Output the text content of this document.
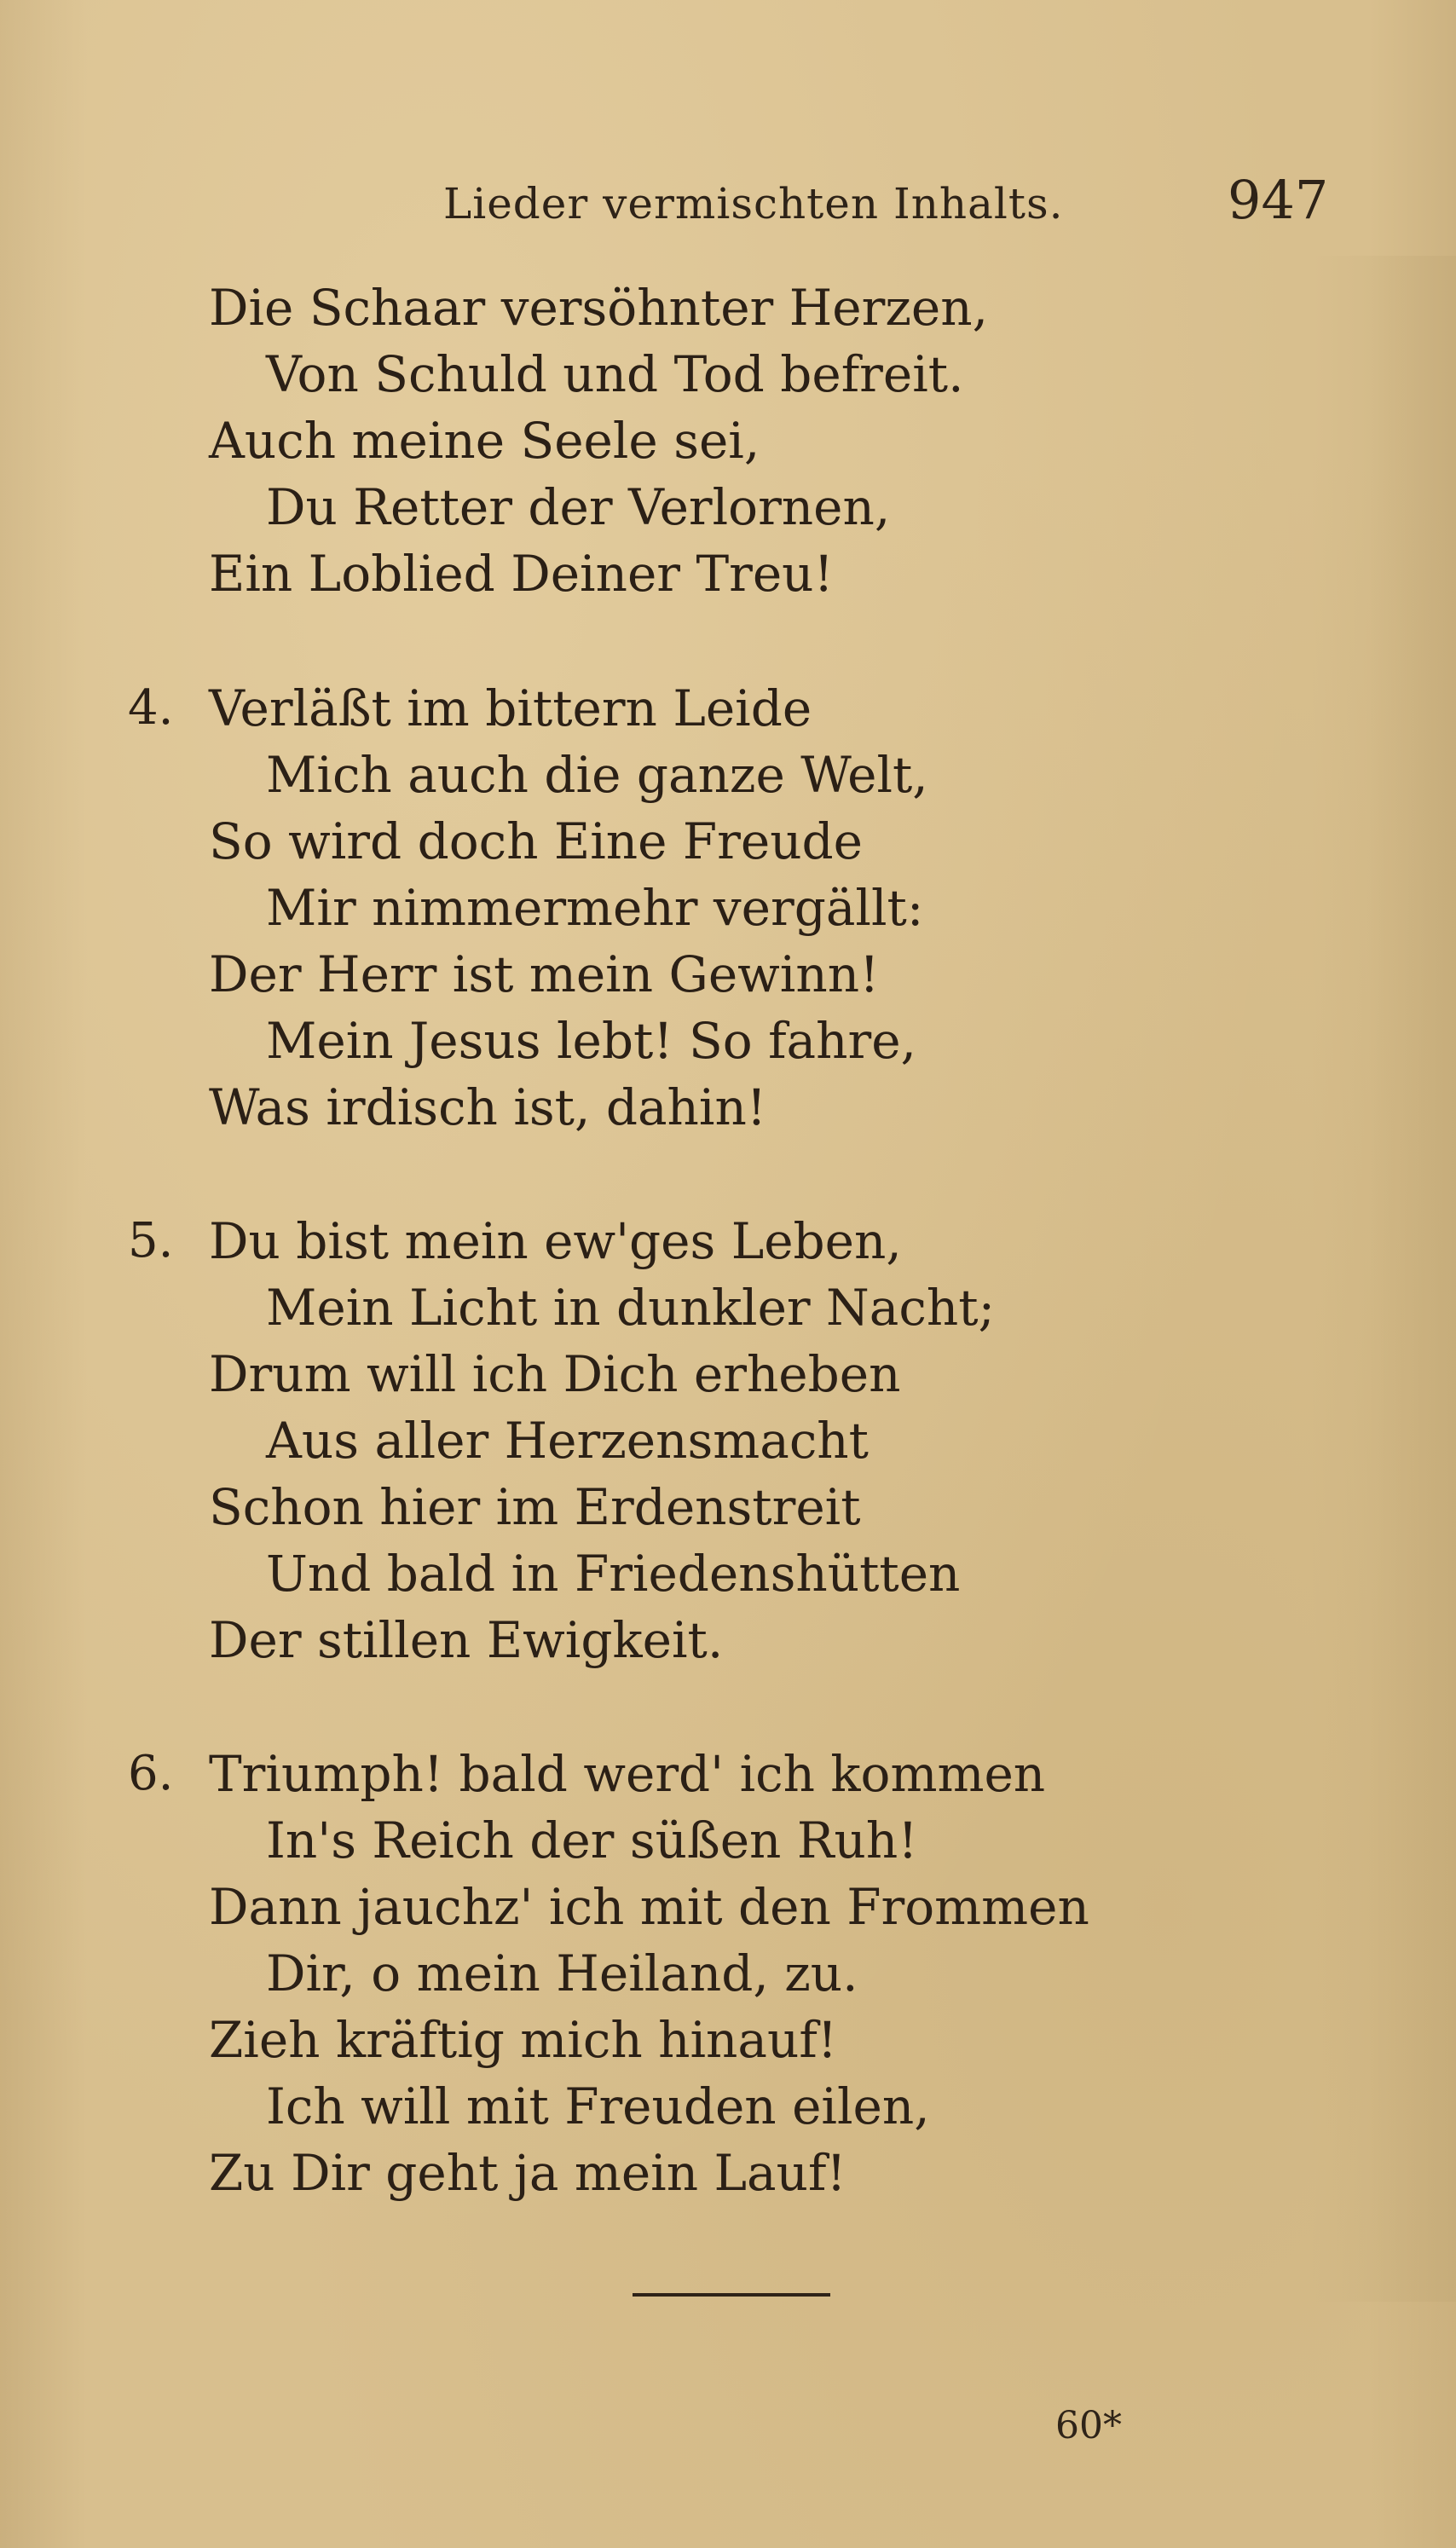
Lieder vermischten Inhalts.	947
Die Schaar versöhnter Herzen,
Von Schuld und Tod befreit.
Auch meine Seele sei,
Du Retter der Verlornen,
Ein Loblied Deiner Treu!
4. Verläßt im bittern Leide
Mich auch die ganze Welt,
So wird doch Eine Freude
Mir nimmermehr vergällt:
Der Herr ist mein Gewinn!
Mein Jesus lebt! So fahre,
Was irdisch ist, dahin!
5. Du bist mein ew'ges Leben,
Mein Licht in dunkler Nacht;
Drum will ich Dich erheben
Aus aller Herzensmacht
Schon hier im Erdenstreit
Und bald in Friedenshütten
Der stillen Ewigkeit.
6. Triumph! bald werd' ich kommen
In's Reich der süßen Ruh!
Dann jauchz' ich mit den Frommen
Dir, o mein Heiland, zu.
Zieh kräftig mich hinauf!
Ich will mit Freuden eilen,
Zu Dir geht ja mein Lauf!
60*
